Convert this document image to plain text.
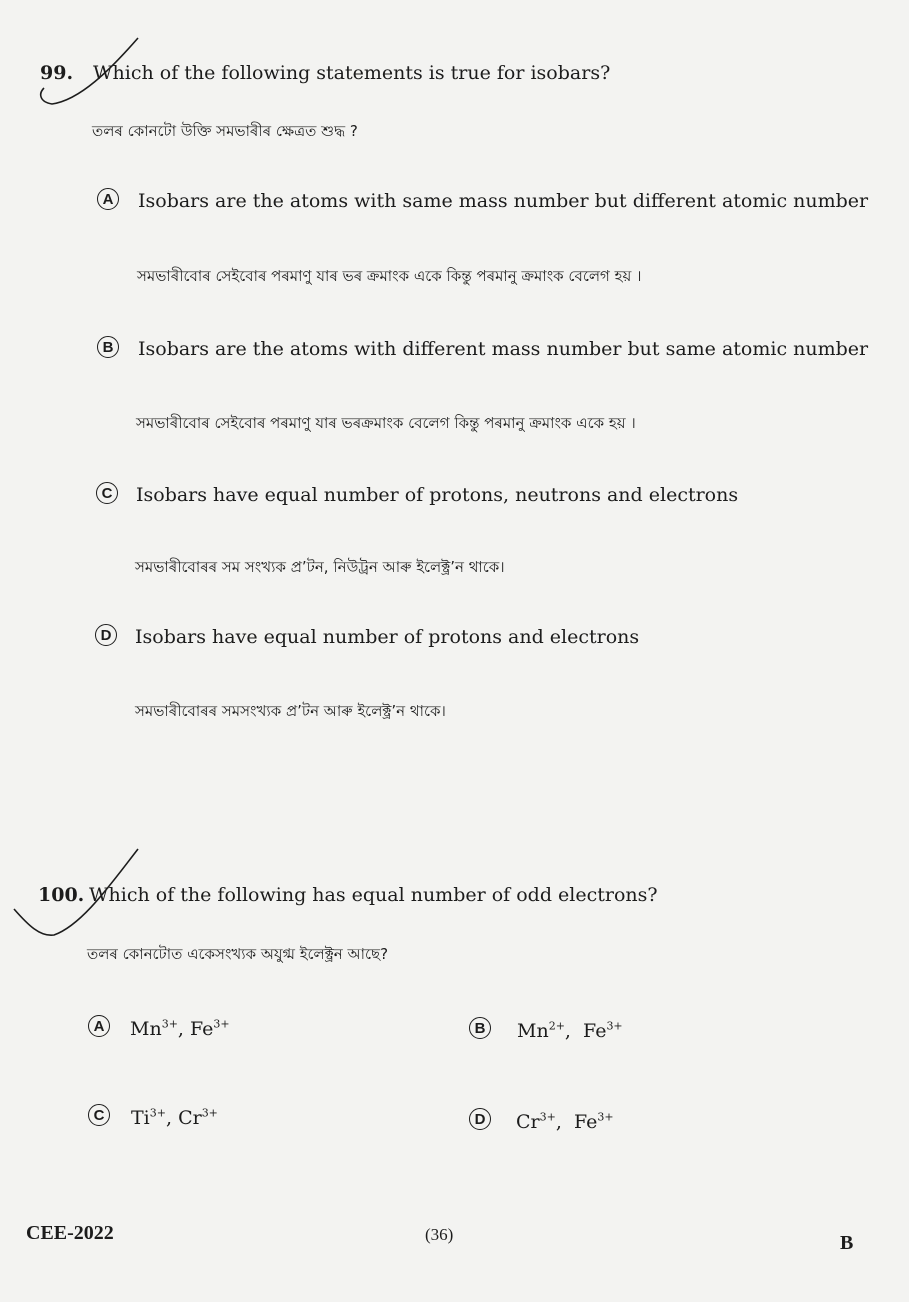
99. Which of the following statements is true for isobars?
তলৰ কোনটো উক্তি সমভাৰীৰ ক্ষেত্ৰত শুদ্ধ ?
A Isobars are the atoms with same mass number but different atomic number
সমভাৰীবোৰ সেইবোৰ পৰমাণু যাৰ ভৰ ক্ৰমাংক একে কিন্তু পৰমানু ক্ৰমাংক বেলেগ হয় ।
B Isobars are the atoms with different mass number but same atomic number
সমভাৰীবোৰ সেইবোৰ পৰমাণু যাৰ ভৰক্ৰমাংক বেলেগ কিন্তু পৰমানু ক্ৰমাংক একে হয় ।
C Isobars have equal number of protons, neutrons and electrons
সমভাৰীবোৰৰ সম সংখ্যক প্ৰ’টন, নিউট্ৰন আৰু ইলেক্ট্ৰ’ন থাকে।
D Isobars have equal number of protons and electrons
সমভাৰীবোৰৰ সমসংখ্যক প্ৰ’টন আৰু ইলেক্ট্ৰ’ন থাকে।
100. Which of the following has equal number of odd electrons?
তলৰ কোনটোত একেসংখ্যক অযুগ্ম ইলেক্ট্ৰন আছে?
A $Mn^{3+}$, $Fe^{3+}$	B $Mn^{2+}$,  $Fe^{3+}$
C $Ti^{3+}$, $Cr^{3+}$	D $Cr^{3+}$,  $Fe^{3+}$
CEE-2022	(36)	B
